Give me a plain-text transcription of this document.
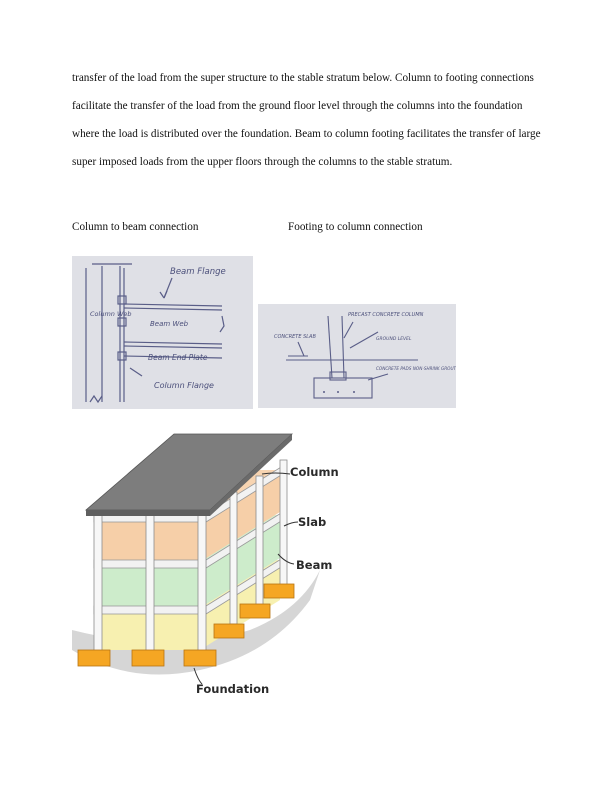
transfer of the load from the super structure to the stable stratum below. Column to footing connections facilitate the transfer of the load from the ground floor level through the columns into the foundation where the load is distributed over the foundation. Beam to column footing facilitates the transfer of large super imposed loads from the upper floors through the columns to the stable stratum.

Column to beam connection	Footing to column connection

Beam Flange
Column Web
Beam Web
Beam End Plate
Column Flange
PRECAST CONCRETE COLUMN
CONCRETE SLAB	GROUND LEVEL
CONCRETE PADS NON-SHRINK GROUT
Column
Slab
Beam
Foundation
